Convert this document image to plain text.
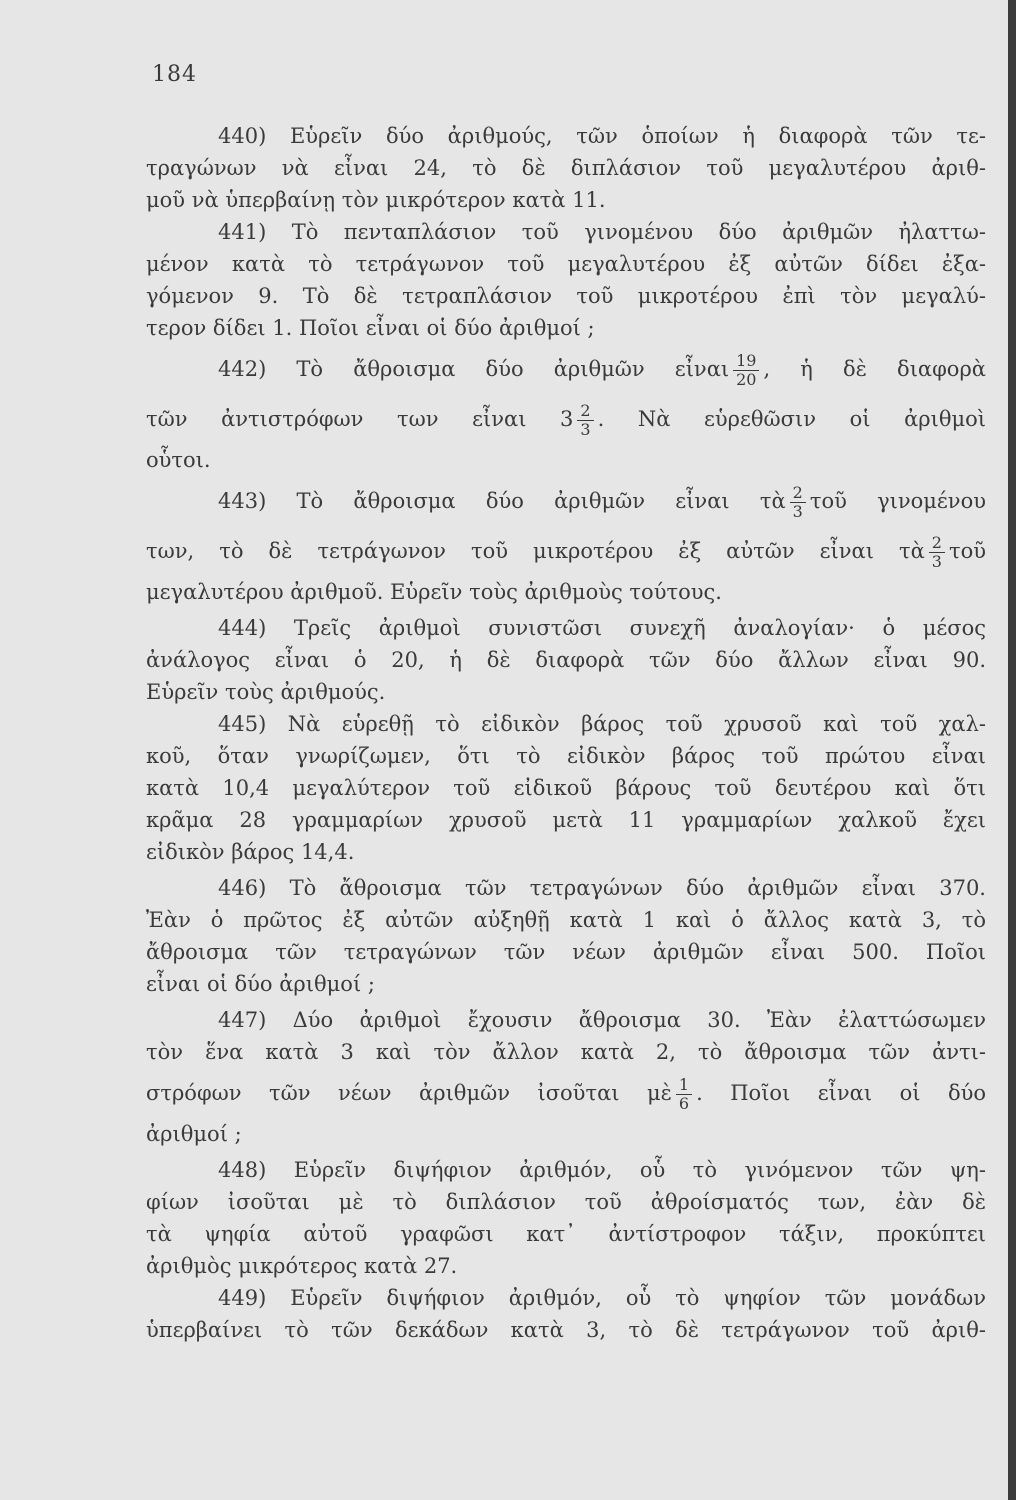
184
440) Εὑρεῖν δύο ἀριθμούς, τῶν ὁποίων ἡ διαφορὰ τῶν τε-
τραγώνων νὰ εἶναι 24, τὸ δὲ διπλάσιον τοῦ μεγαλυτέρου ἀριθ-
μοῦ νὰ ὑπερβαίνῃ τὸν μικρότερον κατὰ 11.
441) Τὸ πενταπλάσιον τοῦ γινομένου δύο ἀριθμῶν ἠλαττω-
μένον κατὰ τὸ τετράγωνον τοῦ μεγαλυτέρου ἐξ αὐτῶν δίδει ἐξα-
γόμενον 9. Τὸ δὲ τετραπλάσιον τοῦ μικροτέρου ἐπὶ τὸν μεγαλύ-
τερον δίδει 1. Ποῖοι εἶναι οἱ δύο ἀριθμοί ;
442) Τὸ ἄθροισμα δύο ἀριθμῶν εἶναι $\frac{19}{20}$ , ἡ δὲ διαφορὰ
τῶν ἀντιστρόφων των εἶναι $3 \frac{2}{3}$ . Νὰ εὑρεθῶσιν οἱ ἀριθμοὶ
οὗτοι.
443) Τὸ ἄθροισμα δύο ἀριθμῶν εἶναι τὰ $\frac{2}{3}$ τοῦ γινομένου
των, τὸ δὲ τετράγωνον τοῦ μικροτέρου ἐξ αὐτῶν εἶναι τὰ $\frac{2}{3}$ τοῦ
μεγαλυτέρου ἀριθμοῦ. Εὑρεῖν τοὺς ἀριθμοὺς τούτους.
444) Τρεῖς ἀριθμοὶ συνιστῶσι συνεχῆ ἀναλογίαν· ὁ μέσος
ἀνάλογος εἶναι ὁ 20, ἡ δὲ διαφορὰ τῶν δύο ἄλλων εἶναι 90.
Εὑρεῖν τοὺς ἀριθμούς.
445) Νὰ εὑρεθῇ τὸ εἰδικὸν βάρος τοῦ χρυσοῦ καὶ τοῦ χαλ-
κοῦ, ὅταν γνωρίζωμεν, ὅτι τὸ εἰδικὸν βάρος τοῦ πρώτου εἶναι
κατὰ 10,4 μεγαλύτερον τοῦ εἰδικοῦ βάρους τοῦ δευτέρου καὶ ὅτι
κρᾶμα 28 γραμμαρίων χρυσοῦ μετὰ 11 γραμμαρίων χαλκοῦ ἔχει
εἰδικὸν βάρος 14,4.
446) Τὸ ἄθροισμα τῶν τετραγώνων δύο ἀριθμῶν εἶναι 370.
Ἐὰν ὁ πρῶτος ἐξ αὐτῶν αὐξηθῇ κατὰ 1 καὶ ὁ ἄλλος κατὰ 3, τὸ
ἄθροισμα τῶν τετραγώνων τῶν νέων ἀριθμῶν εἶναι 500. Ποῖοι
εἶναι οἱ δύο ἀριθμοί ;
447) Δύο ἀριθμοὶ ἔχουσιν ἄθροισμα 30. Ἐὰν ἐλαττώσωμεν
τὸν ἕνα κατὰ 3 καὶ τὸν ἄλλον κατὰ 2, τὸ ἄθροισμα τῶν ἀντι-
στρόφων τῶν νέων ἀριθμῶν ἰσοῦται μὲ $\frac{1}{6}$ . Ποῖοι εἶναι οἱ δύο
ἀριθμοί ;
448) Εὑρεῖν διψήφιον ἀριθμόν, οὗ τὸ γινόμενον τῶν ψη-
φίων ἰσοῦται μὲ τὸ διπλάσιον τοῦ ἀθροίσματός των, ἐὰν δὲ
τὰ ψηφία αὐτοῦ γραφῶσι κατ᾽ ἀντίστροφον τάξιν, προκύπτει
ἀριθμὸς μικρότερος κατὰ 27.
449) Εὑρεῖν διψήφιον ἀριθμόν, οὗ τὸ ψηφίον τῶν μονάδων
ὑπερβαίνει τὸ τῶν δεκάδων κατὰ 3, τὸ δὲ τετράγωνον τοῦ ἀριθ-
